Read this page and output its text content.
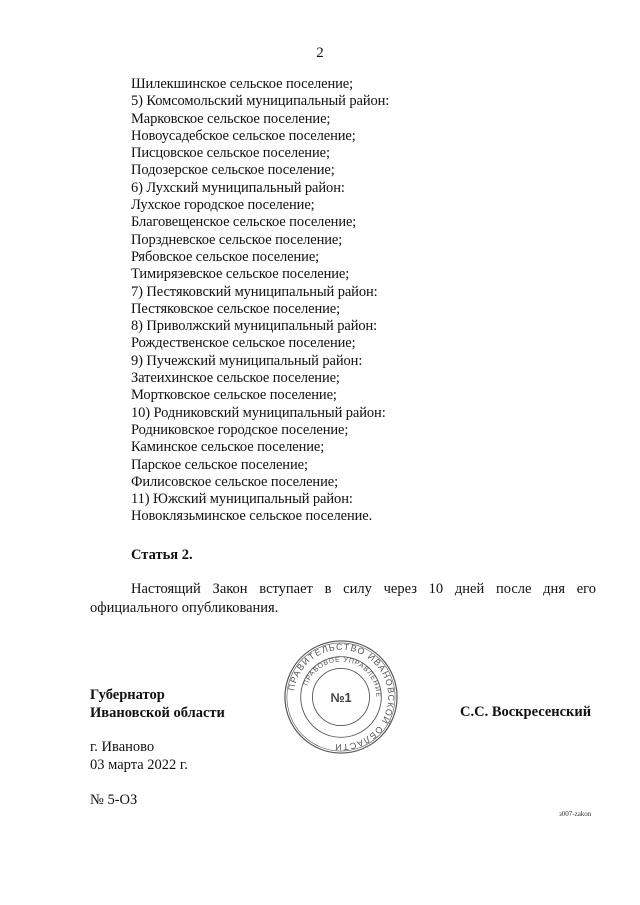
2
Шилекшинское сельское поселение;
5) Комсомольский муниципальный район:
Марковское сельское поселение;
Новоусадебское сельское поселение;
Писцовское сельское поселение;
Подозерское сельское поселение;
6) Лухский муниципальный район:
Лухское городское поселение;
Благовещенское сельское поселение;
Порздневское сельское поселение;
Рябовское сельское поселение;
Тимирязевское сельское поселение;
7) Пестяковский муниципальный район:
Пестяковское сельское поселение;
8) Приволжский муниципальный район:
Рождественское сельское поселение;
9) Пучежский муниципальный район:
Затеихинское сельское поселение;
Мортковское сельское поселение;
10) Родниковский муниципальный район:
Родниковское городское поселение;
Каминское сельское поселение;
Парское сельское поселение;
Филисовское сельское поселение;
11) Южский муниципальный район:
Новоклязьминское сельское поселение.
Статья 2.

Настоящий Закон вступает в силу через 10 дней после дня его официального опубликования.

Губернатор
Ивановской области
ПРАВИТЕЛЬСТВО ИВАНОВСКОЙ ОБЛАСТИ
ПРАВОВОЕ УПРАВЛЕНИЕ
№1
С.С. Воскресенский
г. Иваново
03 марта 2022 г.
№ 5-ОЗ
з007-zakon
